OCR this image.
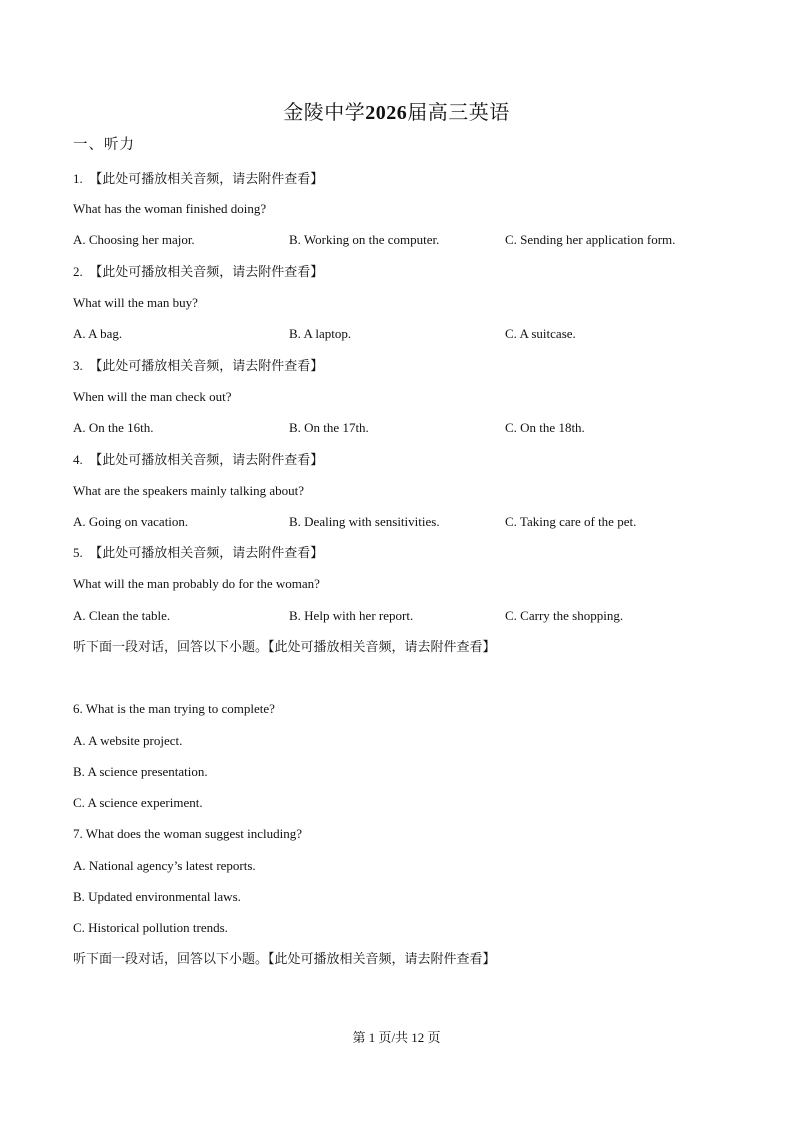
金陵中学2026届高三英语
一、听力
1. 【此处可播放相关音频，请去附件查看】
What has the woman finished doing?
A. Choosing her major.	B. Working on the computer.	C. Sending her application form.
2. 【此处可播放相关音频，请去附件查看】
What will the man buy?
A. A bag.	B. A laptop.	C. A suitcase.
3. 【此处可播放相关音频，请去附件查看】
When will the man check out?
A. On the 16th.	B. On the 17th.	C. On the 18th.
4. 【此处可播放相关音频，请去附件查看】
What are the speakers mainly talking about?
A. Going on vacation.	B. Dealing with sensitivities.	C. Taking care of the pet.
5. 【此处可播放相关音频，请去附件查看】
What will the man probably do for the woman?
A. Clean the table.	B. Help with her report.	C. Carry the shopping.
听下面一段对话，回答以下小题。【此处可播放相关音频，请去附件查看】
6. What is the man trying to complete?
A. A website project.
B. A science presentation.
C. A science experiment.
7. What does the woman suggest including?
A. National agency’s latest reports.
B. Updated environmental laws.
C. Historical pollution trends.
听下面一段对话，回答以下小题。【此处可播放相关音频，请去附件查看】
第 1 页/共 12 页
